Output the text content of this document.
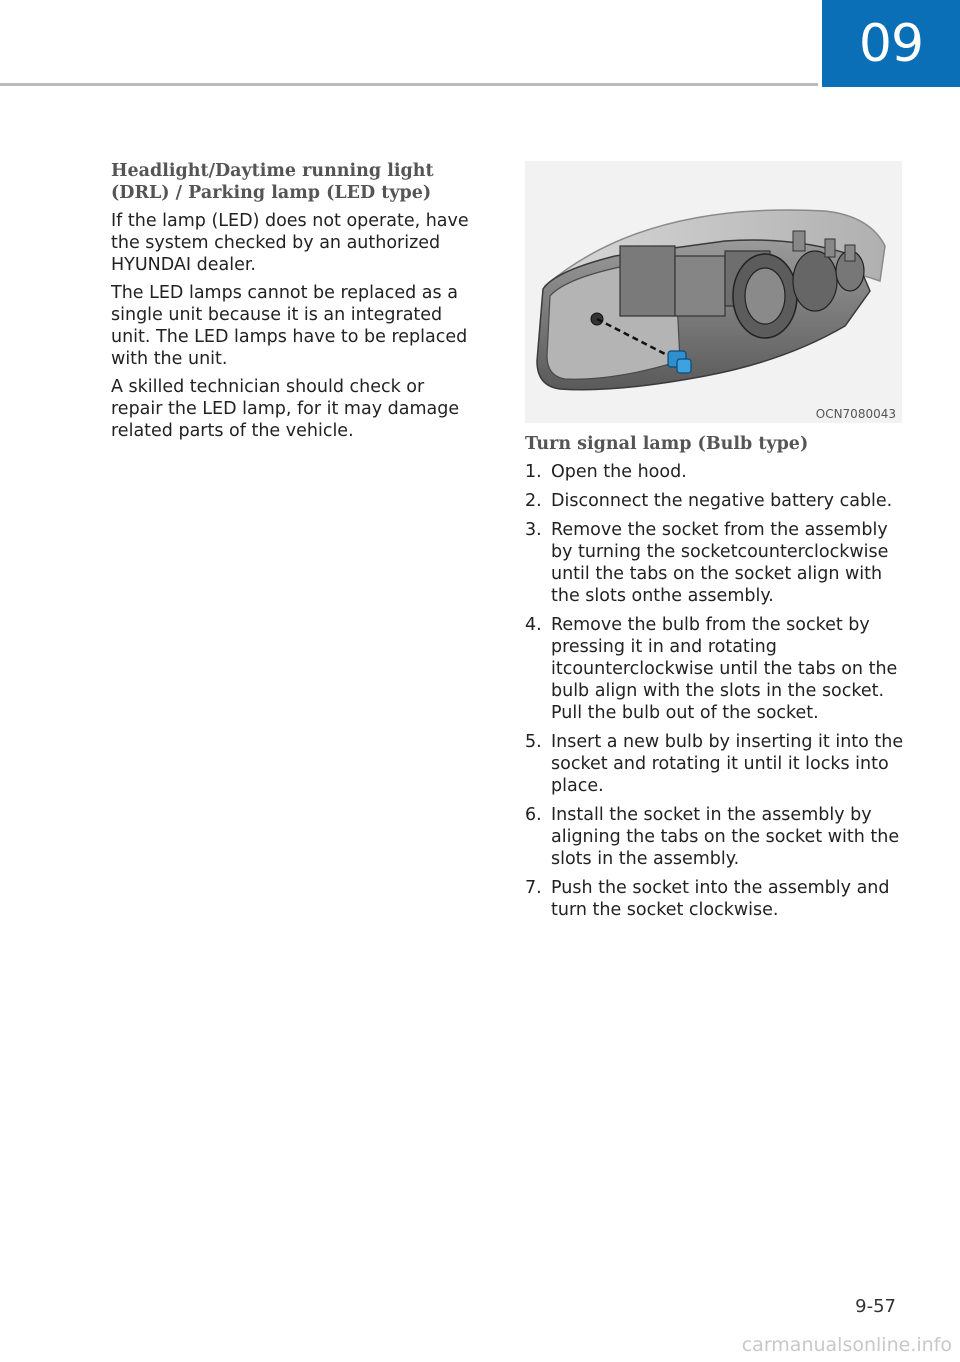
09

Headlight/Daytime running light (DRL) / Parking lamp (LED type)

If the lamp (LED) does not operate, have the system checked by an authorized HYUNDAI dealer.

The LED lamps cannot be replaced as a single unit because it is an integrated unit. The LED lamps have to be replaced with the unit.

A skilled technician should check or repair the LED lamp, for it may damage related parts of the vehicle.

OCN7080043

Turn signal lamp (Bulb type)

1. Open the hood.
2. Disconnect the negative battery cable.
3. Remove the socket from the assembly by turning the socketcounterclockwise until the tabs on the socket align with the slots onthe assembly.
4. Remove the bulb from the socket by pressing it in and rotating itcounterclockwise until the tabs on the bulb align with the slots in the socket. Pull the bulb out of the socket.
5. Insert a new bulb by inserting it into the socket and rotating it until it locks into place.
6. Install the socket in the assembly by aligning the tabs on the socket with the slots in the assembly.
7. Push the socket into the assembly and turn the socket clockwise.
9-57
carmanualsonline.info
